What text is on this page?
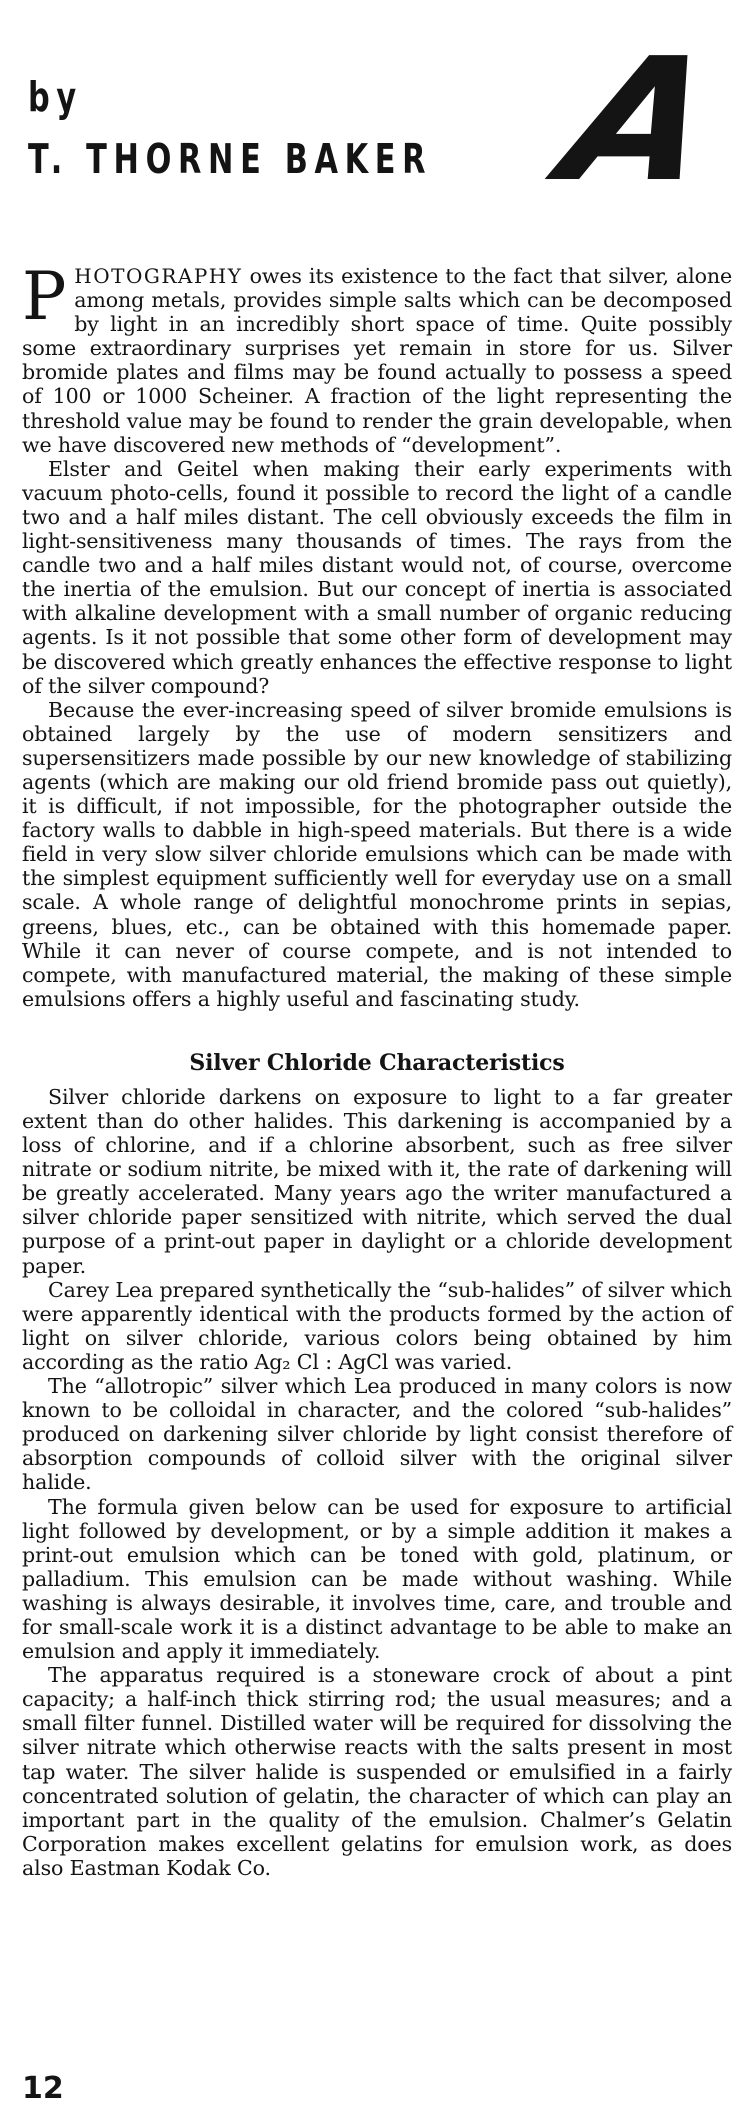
by
T. THORNE BAKER A

PHOTOGRAPHY owes its existence to the fact that silver, alone among metals, provides simple salts which can be decomposed by light in an incredibly short space of time. Quite possibly some extraordinary surprises yet remain in store for us. Silver bromide plates and films may be found actually to possess a speed of 100 or 1000 Scheiner. A fraction of the light representing the threshold value may be found to render the grain developable, when we have discovered new methods of “development”.

Elster and Geitel when making their early experiments with vacuum photo-cells, found it possible to record the light of a candle two and a half miles distant. The cell obviously exceeds the film in light-sensitiveness many thousands of times. The rays from the candle two and a half miles distant would not, of course, overcome the inertia of the emulsion. But our concept of inertia is associated with alkaline development with a small number of organic reducing agents. Is it not possible that some other form of development may be discovered which greatly enhances the effective response to light of the silver compound?

Because the ever-increasing speed of silver bromide emulsions is obtained largely by the use of modern sensitizers and supersensitizers made possible by our new knowledge of stabilizing agents (which are making our old friend bromide pass out quietly), it is difficult, if not impossible, for the photographer outside the factory walls to dabble in high-speed materials. But there is a wide field in very slow silver chloride emulsions which can be made with the simplest equipment sufficiently well for everyday use on a small scale. A whole range of delightful monochrome prints in sepias, greens, blues, etc., can be obtained with this homemade paper. While it can never of course compete, and is not intended to compete, with manufactured material, the making of these simple emulsions offers a highly useful and fascinating study.

Silver Chloride Characteristics

Silver chloride darkens on exposure to light to a far greater extent than do other halides. This darkening is accompanied by a loss of chlorine, and if a chlorine absorbent, such as free silver nitrate or sodium nitrite, be mixed with it, the rate of darkening will be greatly accelerated. Many years ago the writer manufactured a silver chloride paper sensitized with nitrite, which served the dual purpose of a print-out paper in daylight or a chloride development paper.

Carey Lea prepared synthetically the “sub-halides” of silver which were apparently identical with the products formed by the action of light on silver chloride, various colors being obtained by him according as the ratio Ag₂ Cl : AgCl was varied.

The “allotropic” silver which Lea produced in many colors is now known to be colloidal in character, and the colored “sub-halides” produced on darkening silver chloride by light consist therefore of absorption compounds of colloid silver with the original silver halide.

The formula given below can be used for exposure to artificial light followed by development, or by a simple addition it makes a print-out emulsion which can be toned with gold, platinum, or palladium. This emulsion can be made without washing. While washing is always desirable, it involves time, care, and trouble and for small-scale work it is a distinct advantage to be able to make an emulsion and apply it immediately.

The apparatus required is a stoneware crock of about a pint capacity; a half-inch thick stirring rod; the usual measures; and a small filter funnel. Distilled water will be required for dissolving the silver nitrate which otherwise reacts with the salts present in most tap water. The silver halide is suspended or emulsified in a fairly concentrated solution of gelatin, the character of which can play an important part in the quality of the emulsion. Chalmer’s Gelatin Corporation makes excellent gelatins for emulsion work, as does also Eastman Kodak Co.

12
